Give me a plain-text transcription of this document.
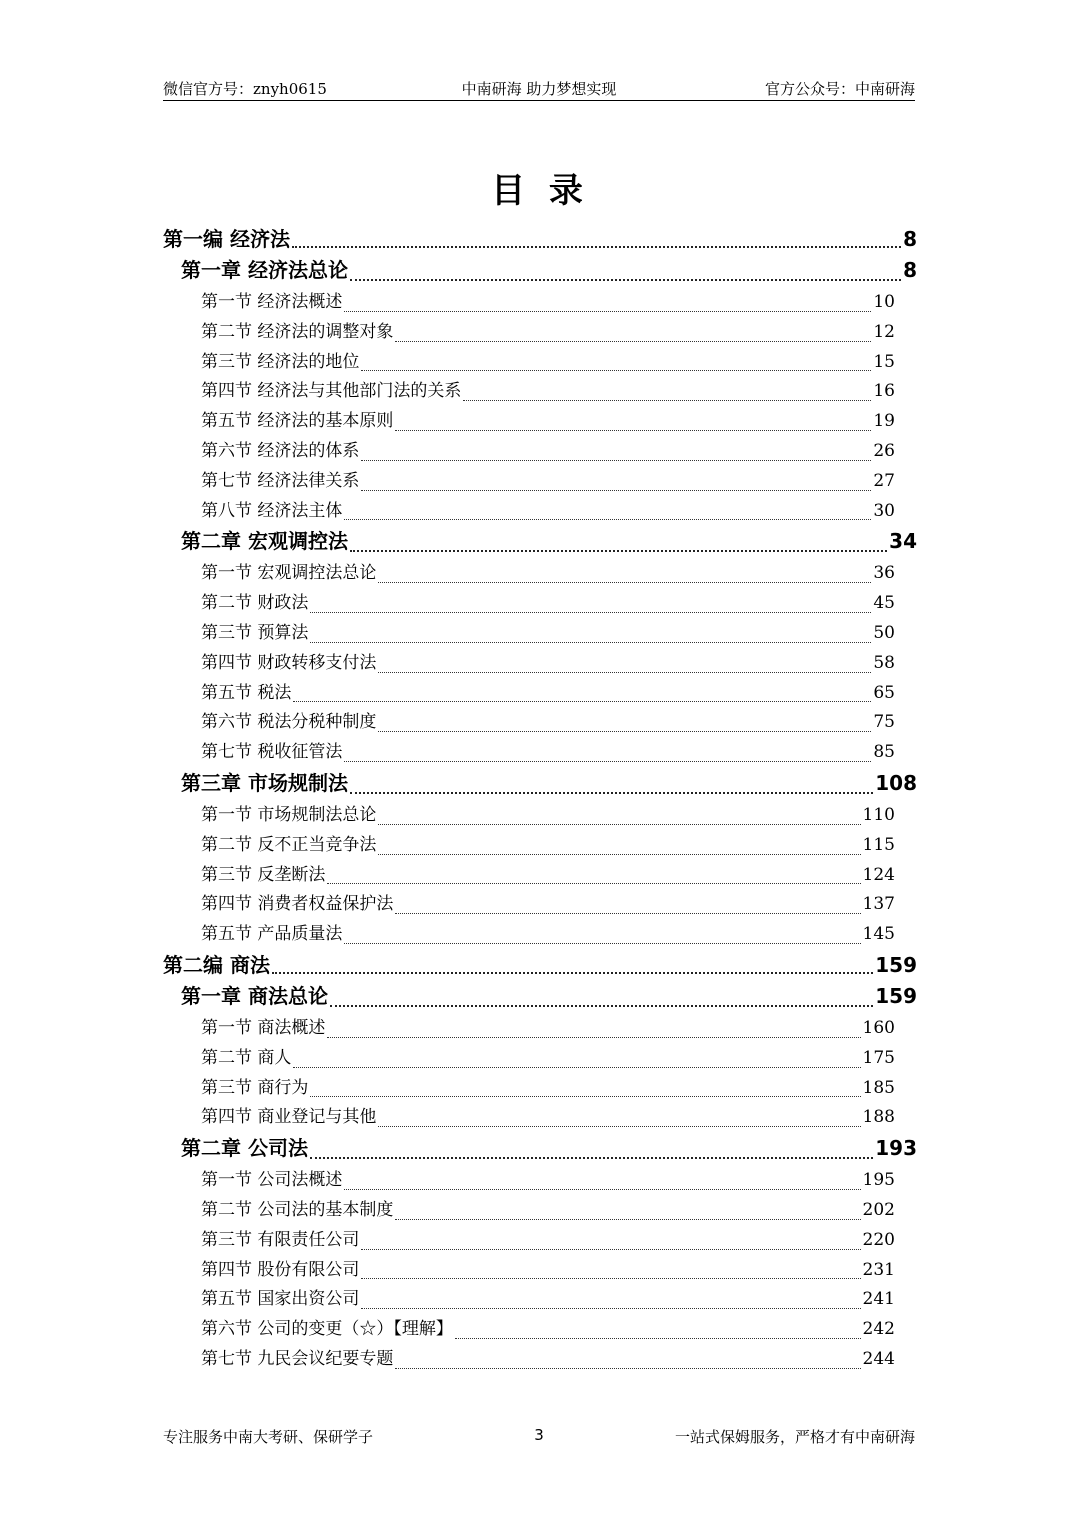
微信官方号：znyh0615	中南研海 助力梦想实现	官方公众号：中南研海
目 录
第一编 经济法	8
第一章 经济法总论	8
第一节 经济法概述	10
第二节 经济法的调整对象	12
第三节 经济法的地位	15
第四节 经济法与其他部门法的关系	16
第五节 经济法的基本原则	19
第六节 经济法的体系	26
第七节 经济法律关系	27
第八节 经济法主体	30
第二章 宏观调控法	34
第一节 宏观调控法总论	36
第二节 财政法	45
第三节 预算法	50
第四节 财政转移支付法	58
第五节 税法	65
第六节 税法分税种制度	75
第七节 税收征管法	85
第三章 市场规制法	108
第一节 市场规制法总论	110
第二节 反不正当竞争法	115
第三节 反垄断法	124
第四节 消费者权益保护法	137
第五节 产品质量法	145
第二编 商法	159
第一章 商法总论	159
第一节 商法概述	160
第二节 商人	175
第三节 商行为	185
第四节 商业登记与其他	188
第二章 公司法	193
第一节 公司法概述	195
第二节 公司法的基本制度	202
第三节 有限责任公司	220
第四节 股份有限公司	231
第五节 国家出资公司	241
第六节 公司的变更（☆）【理解】	242
第七节 九民会议纪要专题	244
专注服务中南大考研、保研学子	3	一站式保姆服务，严格才有中南研海
